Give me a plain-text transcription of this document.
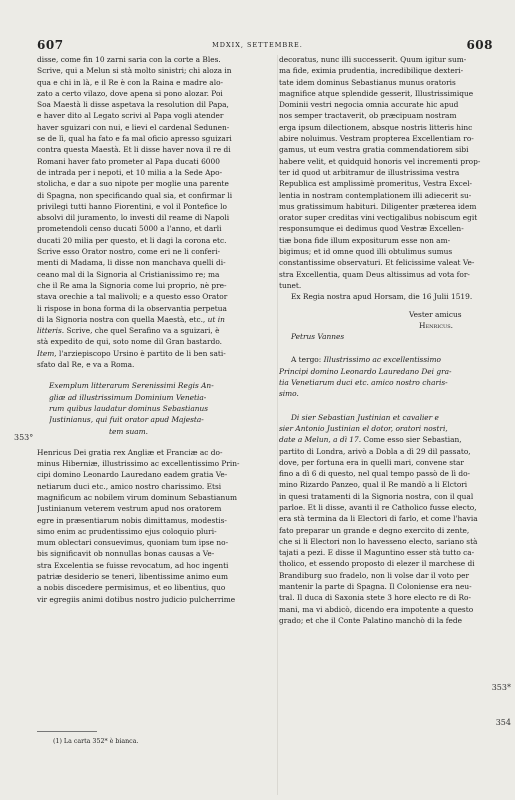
607	MDXIX, SETTEMBRE.	608
disse, come fin 10 zarni saria con la corte a Bles.
Scrive, qui a Melun si stà molto sinistri; chi aloza in
qua e chi in là, e il Re è con la Raina e madre alo-
zato a certo vilazo, dove apena si pono alozar. Poi
Soa Maestà li disse aspetava la resolution dil Papa,
e haver dito al Legato scrivi al Papa vogli atender
haver sguizari con nui, e lievi el cardenal Sedunen-
se de lì, qual ha fato e fa mal oficio apresso sguizari
contra questa Maestà. Et li disse haver nova il re di
Romani haver fato prometer al Papa ducati 6000
de intrada per i nepoti, et 10 milia a la Sede Apo-
stolicha, e dar a suo nipote per moglie una parente
di Spagna, non specificando qual sia, et confirmar li
privilegi tutti hanno Fiorentini, e vol il Pontefice lo
absolvi dil juramento, lo investi dil reame di Napoli
prometendoli censo ducati 5000 a l'anno, et darli
ducati 20 milia per questo, et li dagi la corona etc.
Scrive esso Orator nostro, come eri ne li conferi-
menti di Madama, li disse non manchava quelli di-
ceano mal di la Signoria al Cristianissimo re; ma
che il Re ama la Signoria come lui proprio, nè pre-
stava orechie a tal malivoli; e a questo esso Orator
li rispose in bona forma di la observantia perpetua
di la Signoria nostra con quella Maestà, etc., ut in
litteris. Scrive, che quel Serafino va a sguizari, è
stà expedito de qui, soto nome dil Gran bastardo.
Item, l'arziepiscopo Ursino è partito de li ben sati-
sfato dal Re, e va a Roma.
Exemplum litterarum Serenissimi Regis An-
gliæ ad illustrissimum Dominium Venetia-
rum quibus laudatur dominus Sebastianus
Justinianus, qui fuit orator apud Majesta-
tem suam.
Henricus Dei gratia rex Angliæ et Franciæ ac do-
minus Hiberniæ, illustrissimo ac excellentissimo Prin-
cipi domino Leonardo Lauredano eadem gratia Ve-
netiarum duci etc., amico nostro charissimo. Etsi
magnificum ac nobilem virum dominum Sebastianum
Justinianum veterem vestrum apud nos oratorem
egre in præsentiarum nobis dimittamus, modestis-
simo enim ac prudentissimo ejus coloquio pluri-
mum oblectari consuevimus, quoniam tum ipse no-
bis significavit ob nonnullas bonas causas a Ve-
stra Excelentia se fuisse revocatum, ad hoc ingenti
patriæ desiderio se teneri, libentissime animo eum
a nobis discedere permisimus, et eo libentius, quo
vir egregiis animi dotibus nostro judicio pulcherrime
353°
(1) La carta 352* è bianca.
decoratus, nunc illi successerit. Quum igitur sum-
ma fide, eximia prudentia, incredibilique dexteri-
tate idem dominus Sebastianus munus oratoris
magnifice atque splendide gesserit, Illustrissimique
Dominii vestri negocia omnia accurate hic apud
nos semper tractaverit, ob præcipuam nostram
erga ipsum dilectionem, absque nostris litteris hinc
abire noluimus. Vestram propterea Excellentiam ro-
gamus, ut eum vestra gratia commendatiorem sibi
habere velit, et quidquid honoris vel incrementi prop-
ter id quod ut arbitramur de illustrissima vestra
Republica est amplissimè promeritus, Vestra Excel-
lentia in nostram contemplationem illi adiecerit su-
mus gratissimum habituri. Diligenter præterea idem
orator super creditas vini vectigalibus nobiscum egit
responsumque ei dedimus quod Vestræ Excellen-
tiæ bona fide illum expositurum esse non am-
bigimus; et id omne quod illi obtulimus sumus
constantissime observaturi. Et felicissime valeat Ve-
stra Excellentia, quam Deus altissimus ad vota for-
tunet.
Ex Regia nostra apud Horsam, die 16 Julii 1519.
Vester amicus
Henricus.
Petrus Vannes
A tergo: Illustrissimo ac excellentissimo
Principi domino Leonardo Lauredano Dei gra-
tia Venetiarum duci etc. amico nostro charis-
simo.
Di sier Sebastian Justinian et cavalier e
sier Antonio Justinian el dotor, oratori nostri,
date a Melun, a dì 17. Come esso sier Sebastian,
partito di Londra, arivò a Dobla a dì 29 dil passato,
dove, per fortuna era in quelli mari, convene star
fino a dì 6 di questo, nel qual tempo passò de lì do-
mino Rizardo Panzeo, qual il Re mandò a li Elctori
in quesi tratamenti di la Signoria nostra, con il qual
parloe. Et li disse, avanti il re Catholico fusse electo,
era stà termina da li Electori di farlo, et come l'havia
fato preparar un grande e degno exercito di zente,
che si li Electori non lo havesseno electo, sariano stà
tajati a pezi. E disse il Maguntino esser stà tutto ca-
tholico, et essendo proposto di elezer il marchese di
Brandiburg suo fradelo, non li volse dar il voto per
mantenir la parte di Spagna. Il Coloniense era neu-
tral. Il duca di Saxonia stete 3 hore electo re di Ro-
mani, ma vi abdicò, dicendo era impotente a questo
grado; et che il Conte Palatino manchò di la fede
353*
354
